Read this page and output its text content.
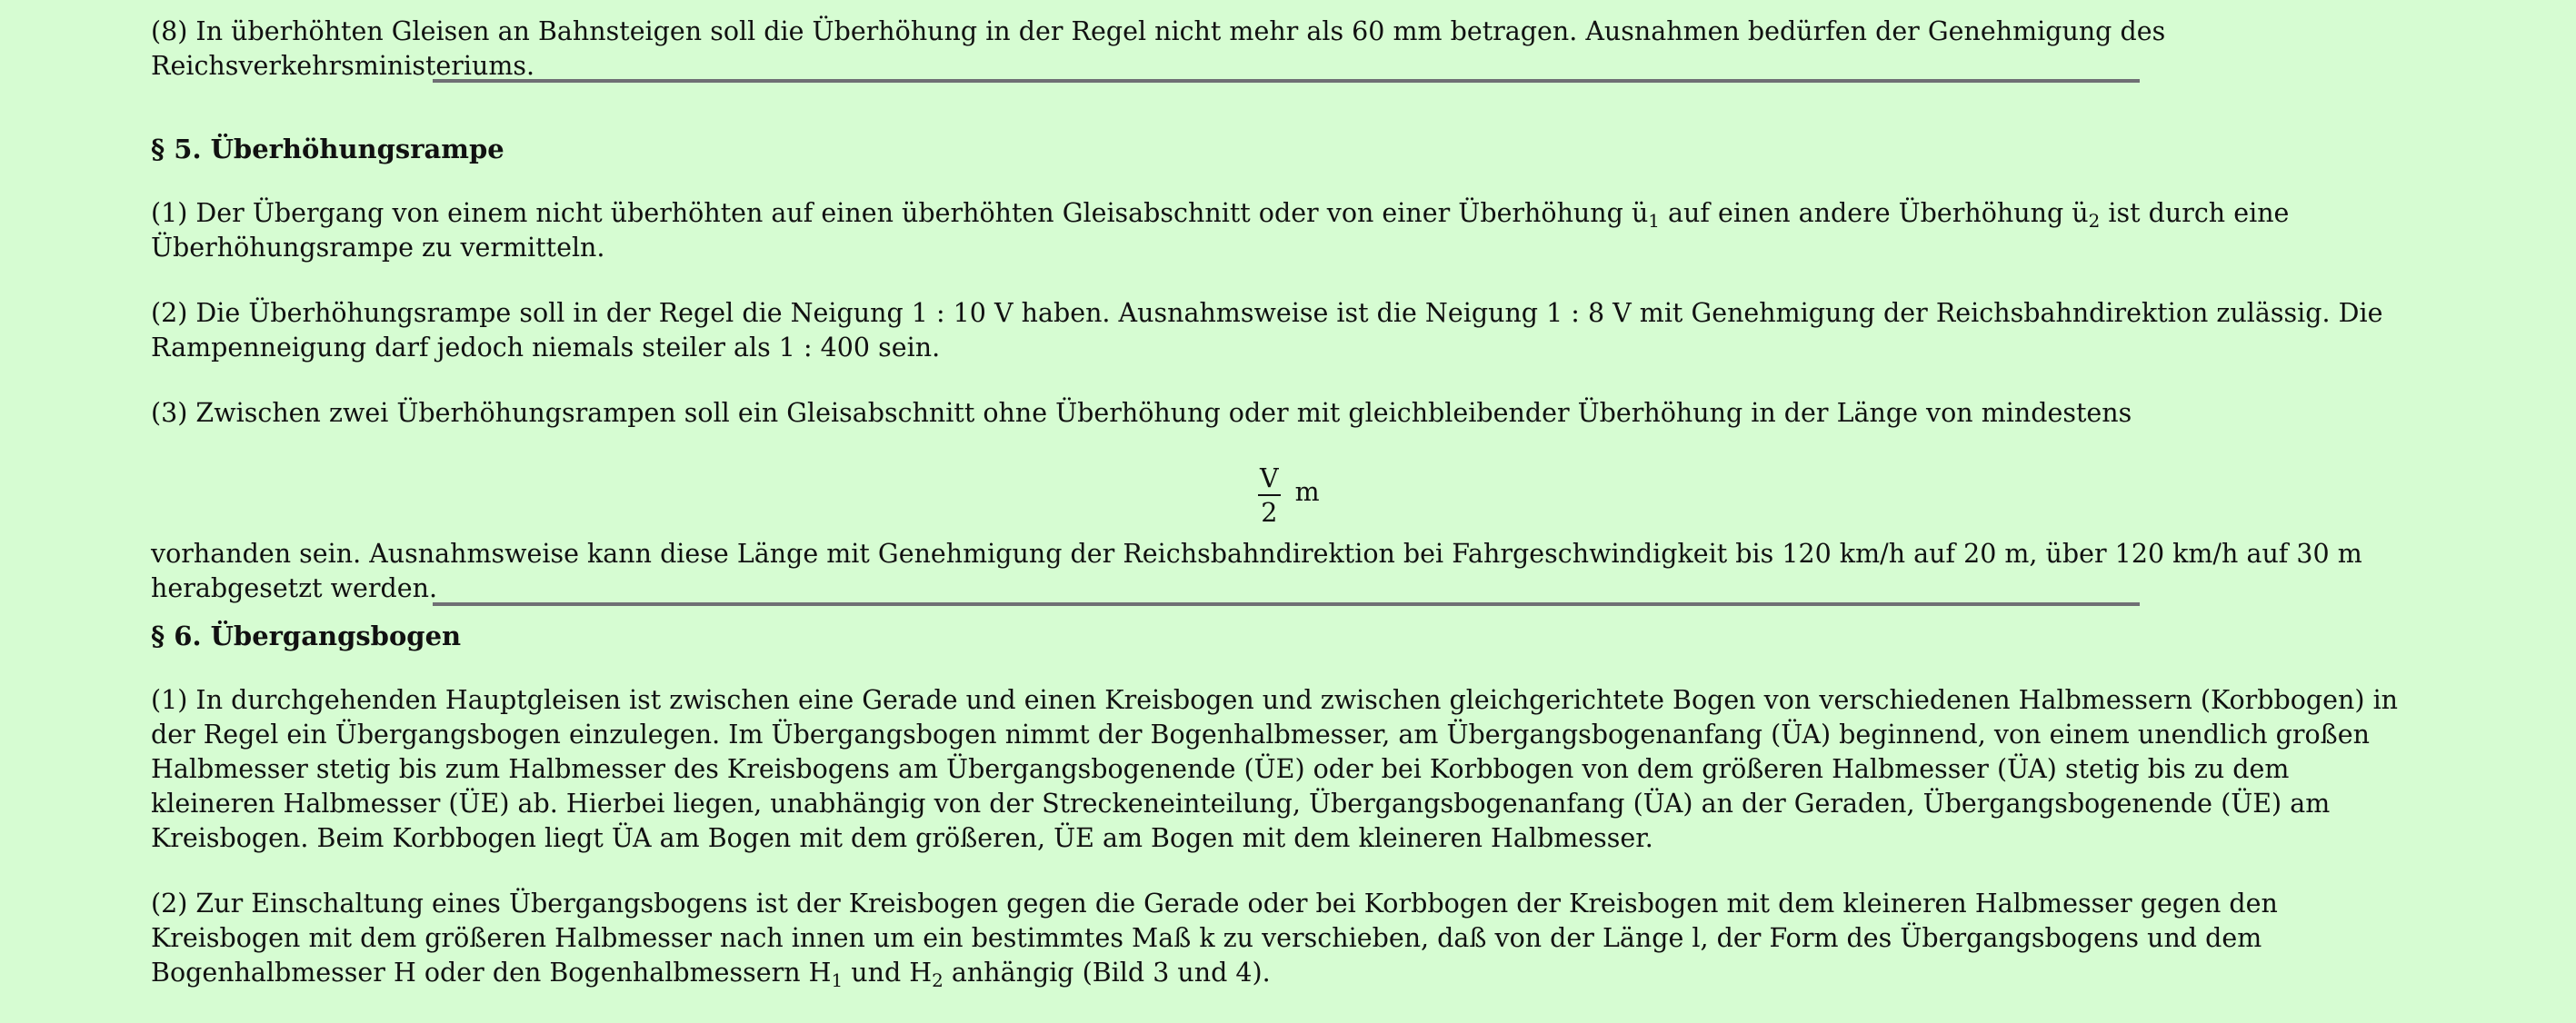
(8) In überhöhten Gleisen an Bahnsteigen soll die Überhöhung in der Regel nicht mehr als 60 mm betragen. Ausnahmen bedürfen der Genehmigung des Reichsverkehrsministeriums.

§ 5. Überhöhungsrampe

(1) Der Übergang von einem nicht überhöhten auf einen überhöhten Gleisabschnitt oder von einer Überhöhung $ü_1$ auf einen andere Überhöhung $ü_2$ ist durch eine Überhöhungsrampe zu vermitteln.

(2) Die Überhöhungsrampe soll in der Regel die Neigung 1 : 10 V haben. Ausnahmsweise ist die Neigung 1 : 8 V mit Genehmigung der Reichsbahndirektion zulässig. Die Rampenneigung darf jedoch niemals steiler als 1 : 400 sein.

(3) Zwischen zwei Überhöhungsrampen soll ein Gleisabschnitt ohne Überhöhung oder mit gleichbleibender Überhöhung in der Länge von mindestens

$\frac{V}{2}$ m

vorhanden sein. Ausnahmsweise kann diese Länge mit Genehmigung der Reichsbahndirektion bei Fahrgeschwindigkeit bis 120 km/h auf 20 m, über 120 km/h auf 30 m herabgesetzt werden.

§ 6. Übergangsbogen

(1) In durchgehenden Hauptgleisen ist zwischen eine Gerade und einen Kreisbogen und zwischen gleichgerichtete Bogen von verschiedenen Halbmessern (Korbbogen) in der Regel ein Übergangsbogen einzulegen. Im Übergangsbogen nimmt der Bogenhalbmesser, am Übergangsbogenanfang (ÜA) beginnend, von einem unendlich großen Halbmesser stetig bis zum Halbmesser des Kreisbogens am Übergangsbogenende (ÜE) oder bei Korbbogen von dem größeren Halbmesser (ÜA) stetig bis zu dem kleineren Halbmesser (ÜE) ab. Hierbei liegen, unabhängig von der Streckeneinteilung, Übergangsbogenanfang (ÜA) an der Geraden, Übergangsbogenende (ÜE) am Kreisbogen. Beim Korbbogen liegt ÜA am Bogen mit dem größeren, ÜE am Bogen mit dem kleineren Halbmesser.

(2) Zur Einschaltung eines Übergangsbogens ist der Kreisbogen gegen die Gerade oder bei Korbbogen der Kreisbogen mit dem kleineren Halbmesser gegen den Kreisbogen mit dem größeren Halbmesser nach innen um ein bestimmtes Maß k zu verschieben, daß von der Länge l, der Form des Übergangsbogens und dem Bogenhalbmesser H oder den Bogenhalbmessern $H_1$ und $H_2$ anhängig (Bild 3 und 4).
